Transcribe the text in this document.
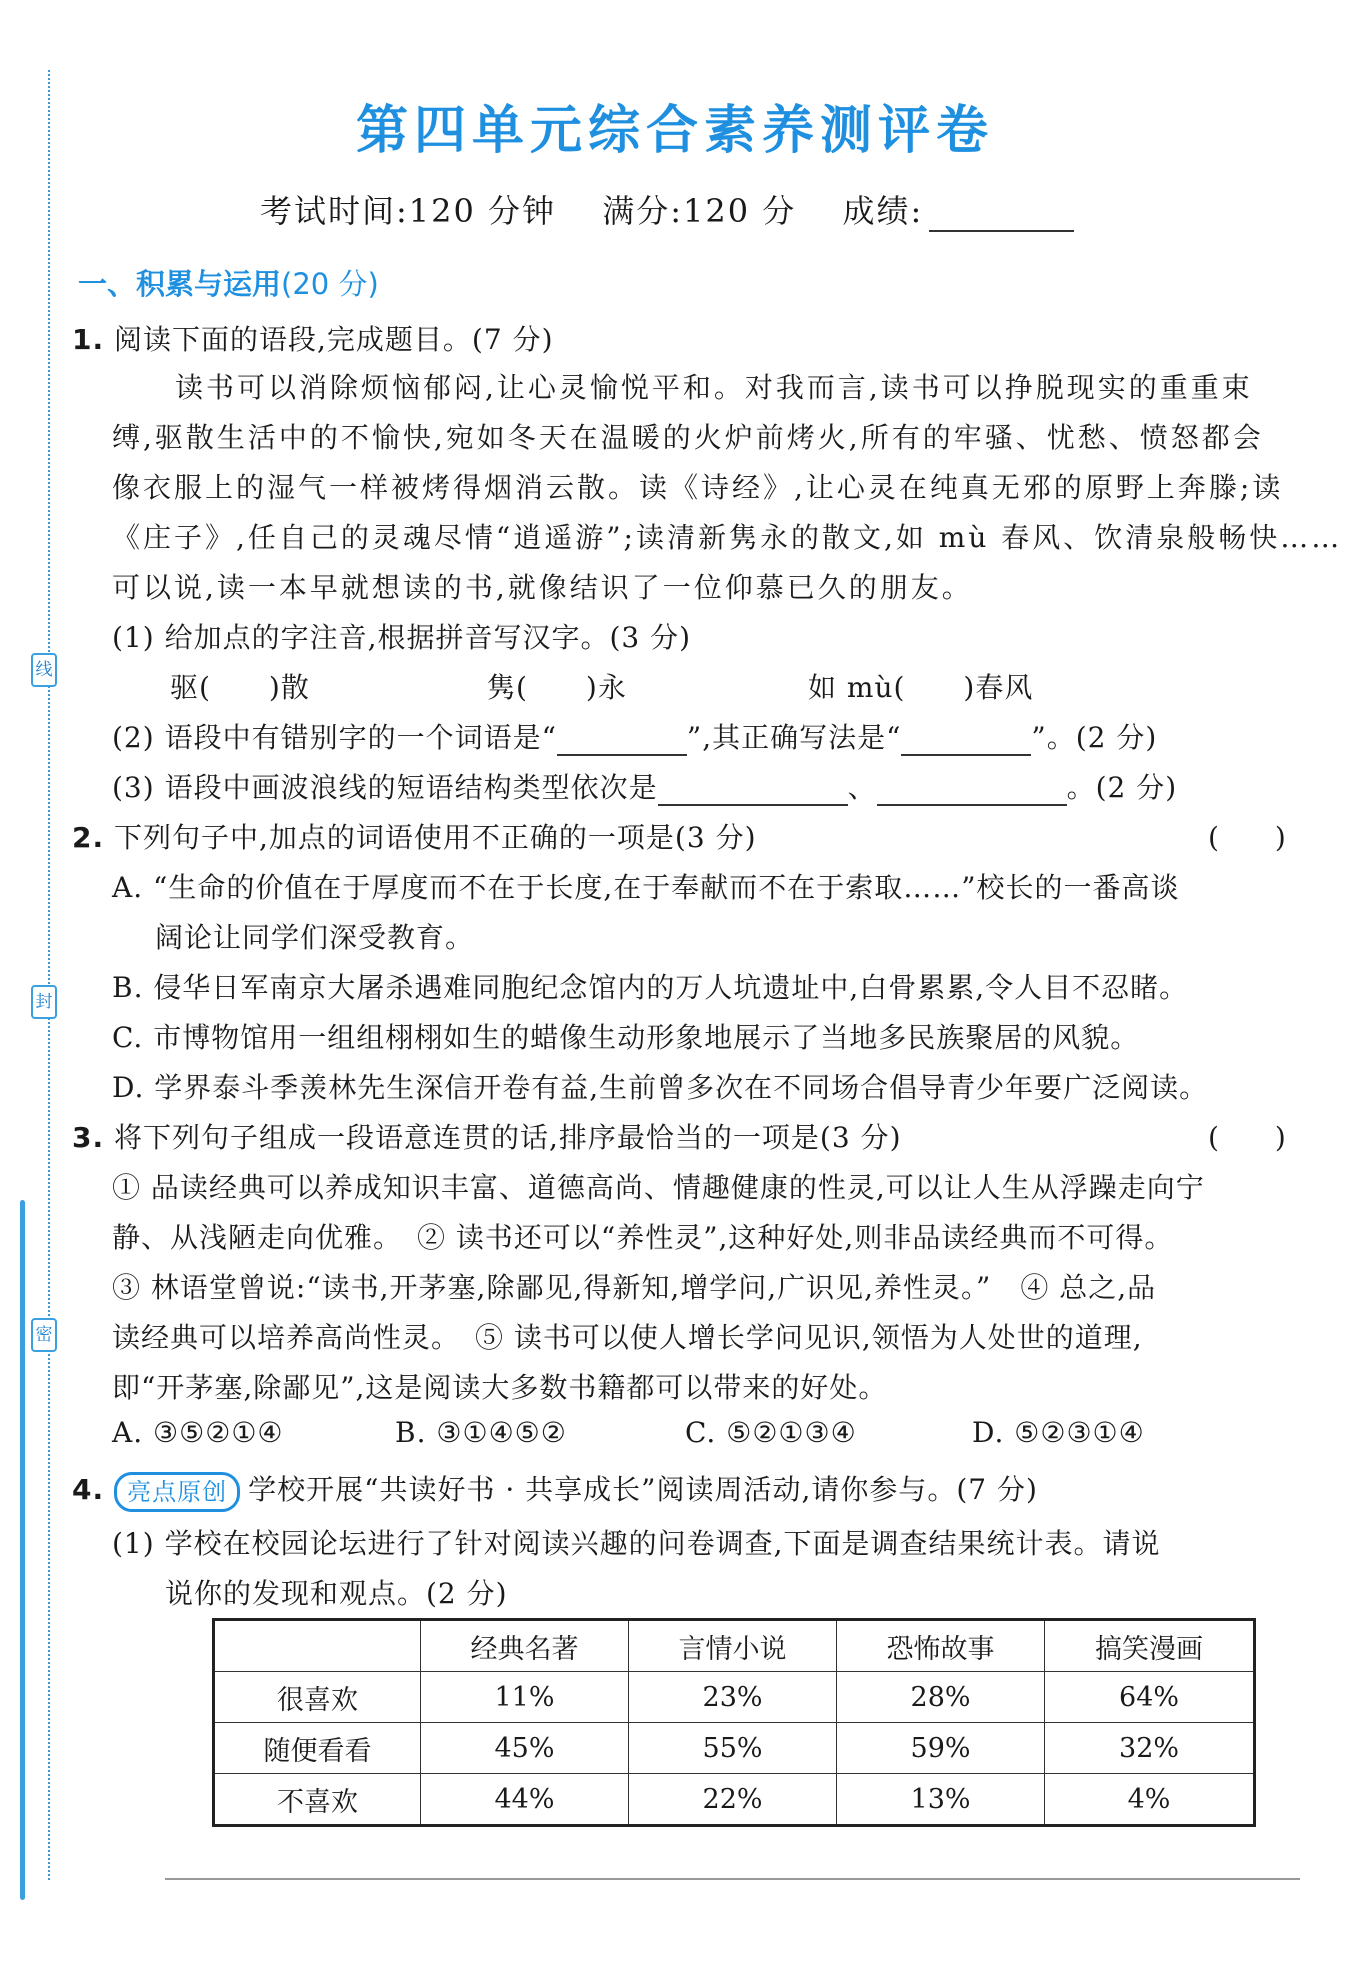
线
封
密
第四单元综合素养测评卷
考试时间:120 分钟 满分:120 分 成绩:
一、积累与运用(20 分)
1. 阅读下面的语段,完成题目。(7 分)
读书可以消除烦恼郁闷,让心灵愉悦平和。对我而言,读书可以挣脱现实的重重束
缚,驱散生活中的不愉快,宛如冬天在温暖的火炉前烤火,所有的牢骚、忧愁、愤怒都会
像衣服上的湿气一样被烤得烟消云散。读《诗经》,让心灵在纯真无邪的原野上奔滕;读
《庄子》,任自己的灵魂尽情“逍遥游”;读清新隽永的散文,如 mù 春风、饮清泉般畅快……
可以说,读一本早就想读的书,就像结识了一位仰慕已久的朋友。
(1) 给加点的字注音,根据拼音写汉字。(3 分)
驱(　　)散	隽(　　)永	如 mù(　　)春风
(2) 语段中有错别字的一个词语是“	”,其正确写法是“	”。(2 分)
(3) 语段中画波浪线的短语结构类型依次是	、	。(2 分)
2. 下列句子中,加点的词语使用不正确的一项是(3 分)	(　　)
A. “生命的价值在于厚度而不在于长度,在于奉献而不在于索取……”校长的一番高谈
阔论让同学们深受教育。
B. 侵华日军南京大屠杀遇难同胞纪念馆内的万人坑遗址中,白骨累累,令人目不忍睹。
C. 市博物馆用一组组栩栩如生的蜡像生动形象地展示了当地多民族聚居的风貌。
D. 学界泰斗季羡林先生深信开卷有益,生前曾多次在不同场合倡导青少年要广泛阅读。
3. 将下列句子组成一段语意连贯的话,排序最恰当的一项是(3 分)	(　　)
① 品读经典可以养成知识丰富、道德高尚、情趣健康的性灵,可以让人生从浮躁走向宁
静、从浅陋走向优雅。　② 读书还可以“养性灵”,这种好处,则非品读经典而不可得。
③ 林语堂曾说:“读书,开茅塞,除鄙见,得新知,增学问,广识见,养性灵。”　④ 总之,品
读经典可以培养高尚性灵。　⑤ 读书可以使人增长学问见识,领悟为人处世的道理,
即“开茅塞,除鄙见”,这是阅读大多数书籍都可以带来的好处。
A. ③⑤②①④	B. ③①④⑤②	C. ⑤②①③④	D. ⑤②③①④
4. 亮点原创 学校开展“共读好书 · 共享成长”阅读周活动,请你参与。(7 分)
(1) 学校在校园论坛进行了针对阅读兴趣的问卷调查,下面是调查结果统计表。请说
说你的发现和观点。(2 分)
	经典名著	言情小说	恐怖故事	搞笑漫画
很喜欢	11%	23%	28%	64%
随便看看	45%	55%	59%	32%
不喜欢	44%	22%	13%	4%
